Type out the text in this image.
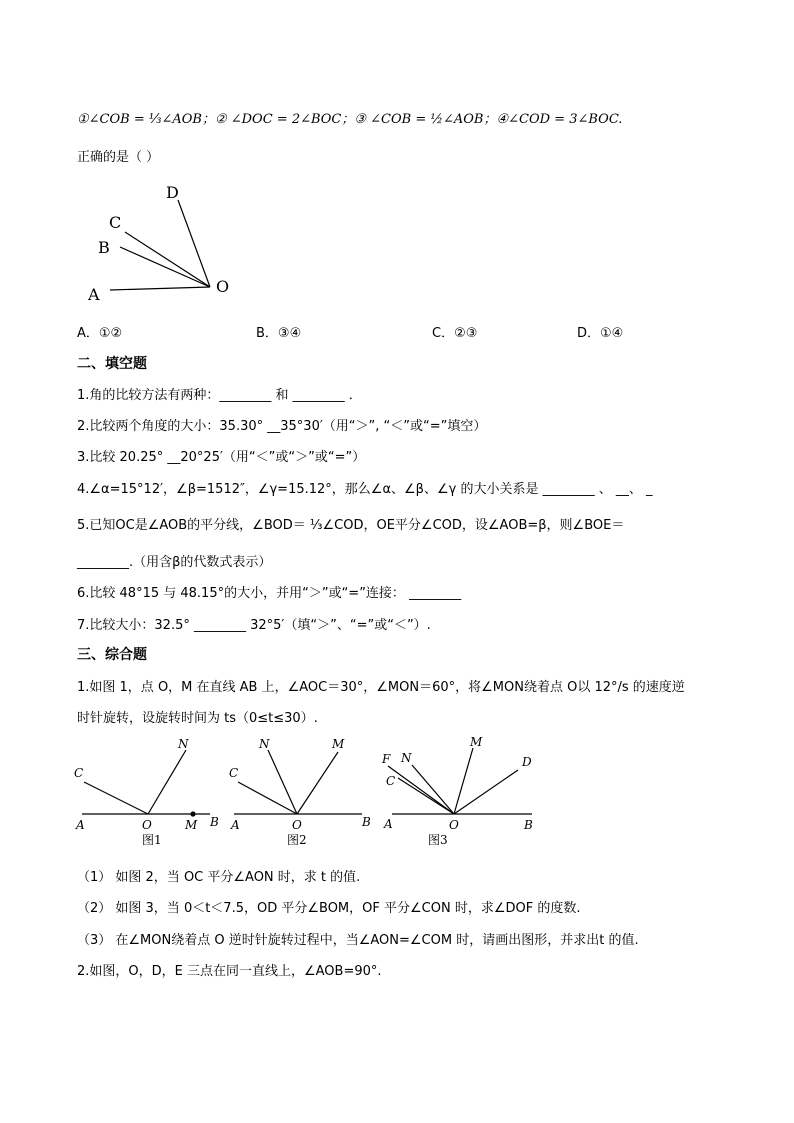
①∠COB = ⅓∠AOB；② ∠DOC = 2∠BOC；③ ∠COB = ½∠AOB；④∠COD = 3∠BOC.
正确的是（ ）
D
C
B
A	O
A．①②	B．③④	C．②③	D．①④
二、填空题
1.角的比较方法有两种：________ 和 ________ ．
2.比较两个角度的大小：35.30° __35°30′（用“＞”, “＜”或“=”填空）
3.比较 20.25° __20°25′（用“＜”或“＞”或“=”）
4.∠α=15°12′，∠β=1512″，∠γ=15.12°，那么∠α、∠β、∠γ 的大小关系是 ________ 、 __、 _
5.已知OC是∠AOB的平分线，∠BOD＝ ⅓∠COD，OE平分∠COD，设∠AOB=β，则∠BOE＝
________.（用含β的代数式表示）
6.比较 48°15 与 48.15°的大小，并用“＞”或“=”连接： ________
7.比较大小：32.5° ________ 32°5′（填“＞”、“=”或“＜”）.
三、综合题
1.如图 1，点 O，M 在直线 AB 上，∠AOC＝30°，∠MON＝60°，将∠MON绕着点 O以 12°/s 的速度逆
时针旋转，设旋转时间为 ts（0≤t≤30）.
C
N
A	O	M B
图1
C
N	M
A	O	B
图2
F N
C
M
D
A	O	B
图3
（1） 如图 2，当 OC 平分∠AON 时，求 t 的值.
（2） 如图 3，当 0＜t＜7.5，OD 平分∠BOM，OF 平分∠CON 时，求∠DOF 的度数.
（3） 在∠MON绕着点 O 逆时针旋转过程中，当∠AON=∠COM 时，请画出图形，并求出t 的值.
2.如图，O，D，E 三点在同一直线上，∠AOB=90°.
